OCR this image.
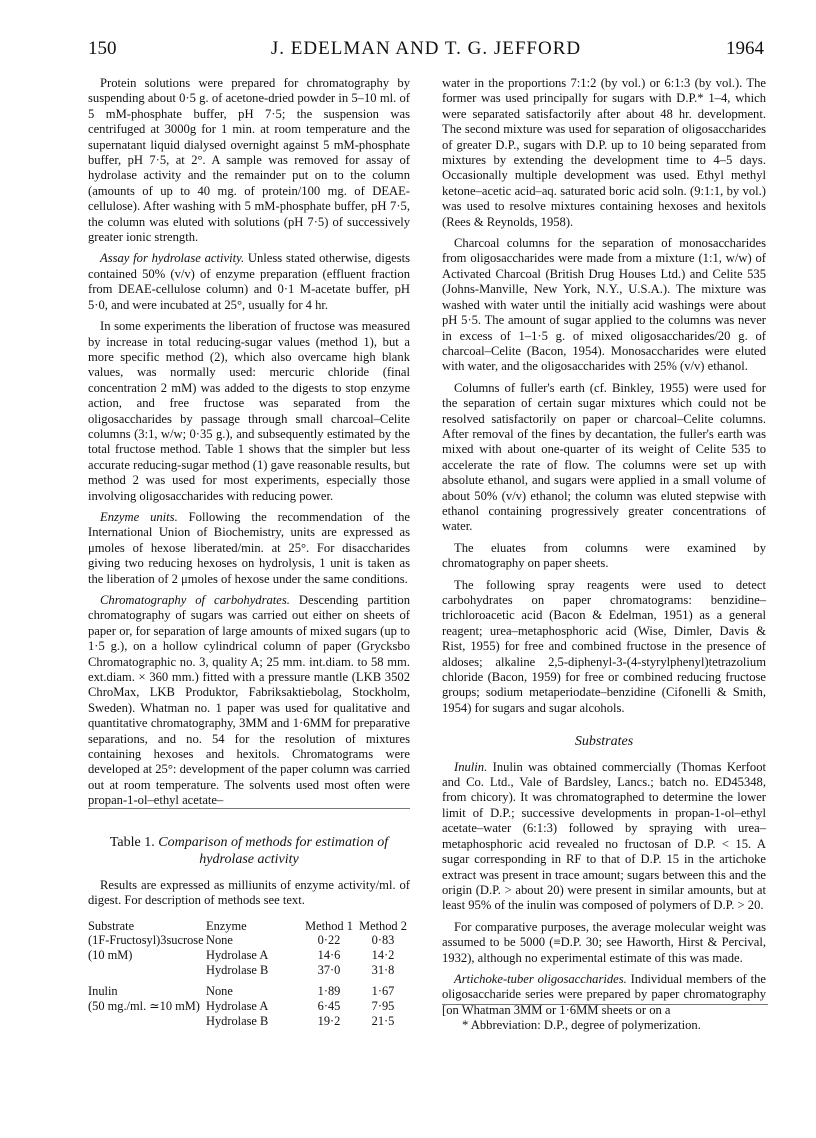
150	J. EDELMAN AND T. G. JEFFORD	1964

Protein solutions were prepared for chromatography by suspending about 0·5 g. of acetone-dried powder in 5–10 ml. of 5 mM-phosphate buffer, pH 7·5; the suspension was centrifuged at 3000g for 1 min. at room temperature and the supernatant liquid dialysed overnight against 5 mM-phosphate buffer, pH 7·5, at 2°. A sample was removed for assay of hydrolase activity and the remainder put on to the column (amounts of up to 40 mg. of protein/100 mg. of DEAE-cellulose). After washing with 5 mM-phosphate buffer, pH 7·5, the column was eluted with solutions (pH 7·5) of successively greater ionic strength.

Assay for hydrolase activity. Unless stated otherwise, digests contained 50% (v/v) of enzyme preparation (effluent fraction from DEAE-cellulose column) and 0·1 M-acetate buffer, pH 5·0, and were incubated at 25°, usually for 4 hr.

In some experiments the liberation of fructose was measured by increase in total reducing-sugar values (method 1), but a more specific method (2), which also overcame high blank values, was normally used: mercuric chloride (final concentration 2 mM) was added to the digests to stop enzyme action, and free fructose was separated from the oligosaccharides by passage through small charcoal–Celite columns (3:1, w/w; 0·35 g.), and subsequently estimated by the total fructose method. Table 1 shows that the simpler but less accurate reducing-sugar method (1) gave reasonable results, but method 2 was used for most experiments, especially those involving oligosaccharides with reducing power.

Enzyme units. Following the recommendation of the International Union of Biochemistry, units are expressed as μmoles of hexose liberated/min. at 25°. For disaccharides giving two reducing hexoses on hydrolysis, 1 unit is taken as the liberation of 2 μmoles of hexose under the same conditions.

Chromatography of carbohydrates. Descending partition chromatography of sugars was carried out either on sheets of paper or, for separation of large amounts of mixed sugars (up to 1·5 g.), on a hollow cylindrical column of paper (Grycksbo Chromatographic no. 3, quality A; 25 mm. int.diam. to 58 mm. ext.diam. × 360 mm.) fitted with a pressure mantle (LKB 3502 ChroMax, LKB Produktor, Fabriksaktiebolag, Stockholm, Sweden). Whatman no. 1 paper was used for qualitative and quantitative chromatography, 3MM and 1·6MM for preparative separations, and no. 54 for the resolution of mixtures containing hexoses and hexitols. Chromatograms were developed at 25°: development of the paper column was carried out at room temperature. The solvents used most often were propan-1-ol–ethyl acetate–

Table 1. Comparison of methods for estimation of hydrolase activity
Results are expressed as milliunits of enzyme activity/ml. of digest. For description of methods see text.
Substrate	Enzyme	Method 1	Method 2
(1F-Fructosyl)3sucrose	None	0·22	0·83
(10 mM)	Hydrolase A	14·6	14·2
	Hydrolase B	37·0	31·8
Inulin	None	1·89	1·67
(50 mg./ml. ≃10 mM)	Hydrolase A	6·45	7·95
	Hydrolase B	19·2	21·5

water in the proportions 7:1:2 (by vol.) or 6:1:3 (by vol.). The former was used principally for sugars with D.P.* 1–4, which were separated satisfactorily after about 48 hr. development. The second mixture was used for separation of oligosaccharides of greater D.P., sugars with D.P. up to 10 being separated from mixtures by extending the development time to 4–5 days. Occasionally multiple development was used. Ethyl methyl ketone–acetic acid–aq. saturated boric acid soln. (9:1:1, by vol.) was used to resolve mixtures containing hexoses and hexitols (Rees & Reynolds, 1958).

Charcoal columns for the separation of monosaccharides from oligosaccharides were made from a mixture (1:1, w/w) of Activated Charcoal (British Drug Houses Ltd.) and Celite 535 (Johns-Manville, New York, N.Y., U.S.A.). The mixture was washed with water until the initially acid washings were about pH 5·5. The amount of sugar applied to the columns was never in excess of 1–1·5 g. of mixed oligosaccharides/20 g. of charcoal–Celite (Bacon, 1954). Monosaccharides were eluted with water, and the oligosaccharides with 25% (v/v) ethanol.

Columns of fuller's earth (cf. Binkley, 1955) were used for the separation of certain sugar mixtures which could not be resolved satisfactorily on paper or charcoal–Celite columns. After removal of the fines by decantation, the fuller's earth was mixed with about one-quarter of its weight of Celite 535 to accelerate the rate of flow. The columns were set up with absolute ethanol, and sugars were applied in a small volume of about 50% (v/v) ethanol; the column was eluted stepwise with ethanol containing progressively greater concentrations of water.

The eluates from columns were examined by chromatography on paper sheets.

The following spray reagents were used to detect carbohydrates on paper chromatograms: benzidine–trichloroacetic acid (Bacon & Edelman, 1951) as a general reagent; urea–metaphosphoric acid (Wise, Dimler, Davis & Rist, 1955) for free and combined fructose in the presence of aldoses; alkaline 2,5-diphenyl-3-(4-styrylphenyl)tetrazolium chloride (Bacon, 1959) for free or combined reducing fructose groups; sodium metaperiodate–benzidine (Cifonelli & Smith, 1954) for sugars and sugar alcohols.

Substrates

Inulin. Inulin was obtained commercially (Thomas Kerfoot and Co. Ltd., Vale of Bardsley, Lancs.; batch no. ED45348, from chicory). It was chromatographed to determine the lower limit of D.P.; successive developments in propan-1-ol–ethyl acetate–water (6:1:3) followed by spraying with urea–metaphosphoric acid revealed no fructosan of D.P. < 15. A sugar corresponding in RF to that of D.P. 15 in the artichoke extract was present in trace amount; sugars between this and the origin (D.P. > about 20) were present in similar amounts, but at least 95% of the inulin was composed of polymers of D.P. > 20.

For comparative purposes, the average molecular weight was assumed to be 5000 (≡D.P. 30; see Haworth, Hirst & Percival, 1932), although no experimental estimate of this was made.

Artichoke-tuber oligosaccharides. Individual members of the oligosaccharide series were prepared by paper chromatography [on Whatman 3MM or 1·6MM sheets or on a

* Abbreviation: D.P., degree of polymerization.
